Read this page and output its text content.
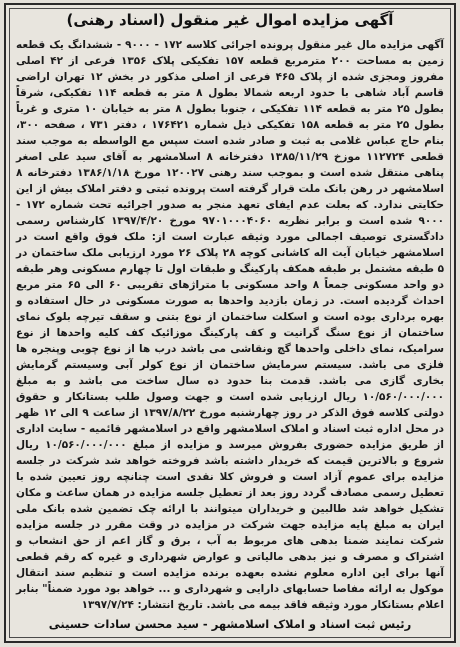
آگهی مزایده اموال غیر منقول (اسناد رهنی)
آگهی مزایده مال غیر منقول پرونده اجرائی کلاسه ۱۷۲ - ۹۰۰۰ - ششدانگ یک قطعه زمین به مساحت ۲۰۰ مترمربع قطعه ۱۵۷ تفکیکی پلاک ۱۳۵۶ فرعی از ۴۲ اصلی مفروز ومجزی شده از پلاک ۴۶۵ فرعی از اصلی مذکور در بخش ۱۲ تهران اراضی قاسم آباد شاهی با حدود اربعه شمالا بطول ۸ متر به قطعه ۱۱۴ تفکیکی، شرقاً بطول ۲۵ متر به قطعه ۱۱۴ تفکیکی ، جنوبا بطول ۸ متر به خیابان ۱۰ متری و غرباً بطول ۲۵ متر به قطعه ۱۵۸ تفکیکی ذیل شماره ۱۷۶۴۲۱ ، دفتر ۷۳۱ ، صفحه ۳۰۰، بنام حاج عباس غلامی به ثبت و صادر شده است سپس مع الواسطه به موجب سند قطعی ۱۱۲۷۲۴ موزخ ۱۳۸۵/۱۱/۲۹ دفترخانه ۸ اسلامشهر به آقای سید علی اصغر پناهی منتقل شده است و بموجب سند رهنی ۱۲۰۰۲۷ مورخ ۱۳۸۶/۱/۱۸ دفترخانه ۸ اسلامشهر در رهن بانک ملت قرار گرفته است پرونده ثبتی و دفتر املاک بیش از این حکایتی ندارد. که بعلت عدم ایفای تعهد منجر به صدور اجرائیه تحت شماره ۱۷۲ - ۹۰۰۰ شده است و برابر نظریه ۹۷۰۱۰۰۰۴۰۶۰ مورخ ۱۳۹۷/۴/۲۰ کارشناس رسمی دادگستری توصیف اجمالی مورد وثیقه عبارت است از: ملک فوق واقع است در اسلامشهر خیابان آیت اله کاشانی کوچه ۲۸ پلاک ۲۶ مورد ارزیابی ملک ساختمان در ۵ طبقه مشتمل بر طبقه همکف پارکینگ و طبقات اول تا چهارم مسکونی وهر طبقه دو واحد مسکونی جمعاً ۸ واحد مسکونی با متراژهای تقریبی ۶۰ الی ۶۵ متر مربع احداث گردیده است. در زمان بازدید واحدها به صورت مسکونی در حال استفاده و بهره برداری بوده است و اسکلت ساختمان از نوع بتنی و سقف تیرچه بلوک نمای ساختمان از نوع سنگ گرانیت و کف پارکینگ موزائیک کف کلیه واحدها از نوع سرامیک، نمای داخلی واحدها گچ ونقاشی می باشد درب ها از نوع چوبی وپنجره ها فلزی می باشد. سیستم سرمایش ساختمان از نوع کولر آبی وسیستم گرمایش بخاری گازی می باشد. قدمت بنا حدود ده سال ساخت می باشد و به مبلغ ۱۰/۵۶۰/۰۰۰/۰۰۰ ریال ارزیابی شده است و جهت وصول طلب بستانکار و حقوق دولتی کلاسه فوق الذکر در روز چهارشنبه مورخ ۱۳۹۷/۸/۲۲ از ساعت ۹ الی ۱۲ ظهر در محل اداره ثبت اسناد و املاک اسلامشهر واقع در اسلامشهر قائمیه - سایت اداری از طریق مزایده حضوری بفروش میرسد و مزایده از مبلغ ۱۰/۵۶۰/۰۰۰/۰۰۰ ریال شروع و بالاترین قیمت که خریدار داشته باشد فروخته خواهد شد شرکت در جلسه مزایده برای عموم آزاد است و فروش کلا نقدی است چنانچه روز تعیین شده با تعطیل رسمی مصادف گردد روز بعد از تعطیل جلسه مزایده در همان ساعت و مکان تشکیل خواهد شد طالبین و خریداران میتوانند با ارائه چک تضمین شده بانک ملی ایران به مبلغ پایه مزایده جهت شرکت در مزایده در وقت مقرر در جلسه مزایده شرکت نمایند ضمنا بدهی های مربوط به آب ، برق و گاز اعم از حق انشعاب و اشتراک و مصرف و نیز بدهی مالیاتی و عوارض شهرداری و غیره که رقم قطعی آنها برای این اداره معلوم نشده بعهده برنده مزایده است و تنظیم سند انتقال موکول به ارائه مفاصا حسابهای دارایی و شهرداری و ... خواهد بود مورد ضمناً" بنابر اعلام بستانکار مورد وثیقه فاقد بیمه می باشد. تاریخ انتشار: ۱۳۹۷/۷/۲۴
رئیس ثبت اسناد و املاک اسلامشهر - سید محسن سادات حسینی
